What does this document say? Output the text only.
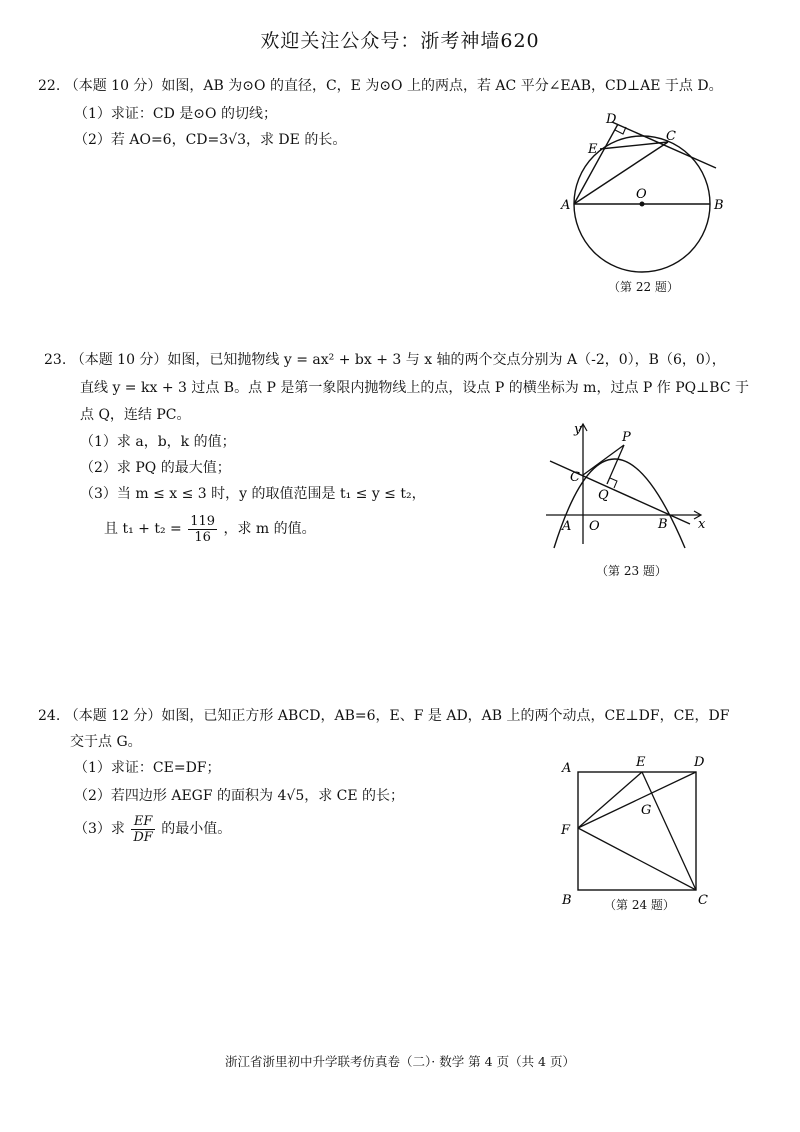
欢迎关注公众号：浙考神墙620
22. （本题 10 分）如图，AB 为⊙O 的直径，C，E 为⊙O 上的两点，若 AC 平分∠EAB，CD⊥AE 于点 D。
（1）求证：CD 是⊙O 的切线；
（2）若 AO=6，CD=3√3，求 DE 的长。
D
E
C
O
A	B
（第 22 题）
23. （本题 10 分）如图，已知抛物线 y = ax² + bx + 3 与 x 轴的两个交点分别为 A（-2，0），B（6，0），
直线 y = kx + 3 过点 B。点 P 是第一象限内抛物线上的点，设点 P 的横坐标为 m，过点 P 作 PQ⊥BC 于
点 Q，连结 PC。
（1）求 a，b，k 的值；
（2）求 PQ 的最大值；
（3）当 m ≤ x ≤ 3 时，y 的取值范围是 t₁ ≤ y ≤ t₂，
且 $t_1 + t_2 = \frac{119}{16}$ ，求 m 的值。
y
P
C
Q
A O	B x
（第 23 题）
24. （本题 12 分）如图，已知正方形 ABCD，AB=6，E、F 是 AD，AB 上的两个动点，CE⊥DF，CE，DF
交于点 G。
（1）求证：CE=DF；
（2）若四边形 AEGF 的面积为 4√5，求 CE 的长；
（3）求 $\frac{EF}{DF}$ 的最小值。
A	E	D
G
F
B	C
（第 24 题）
浙江省浙里初中升学联考仿真卷（二）· 数学 第 4 页（共 4 页）
